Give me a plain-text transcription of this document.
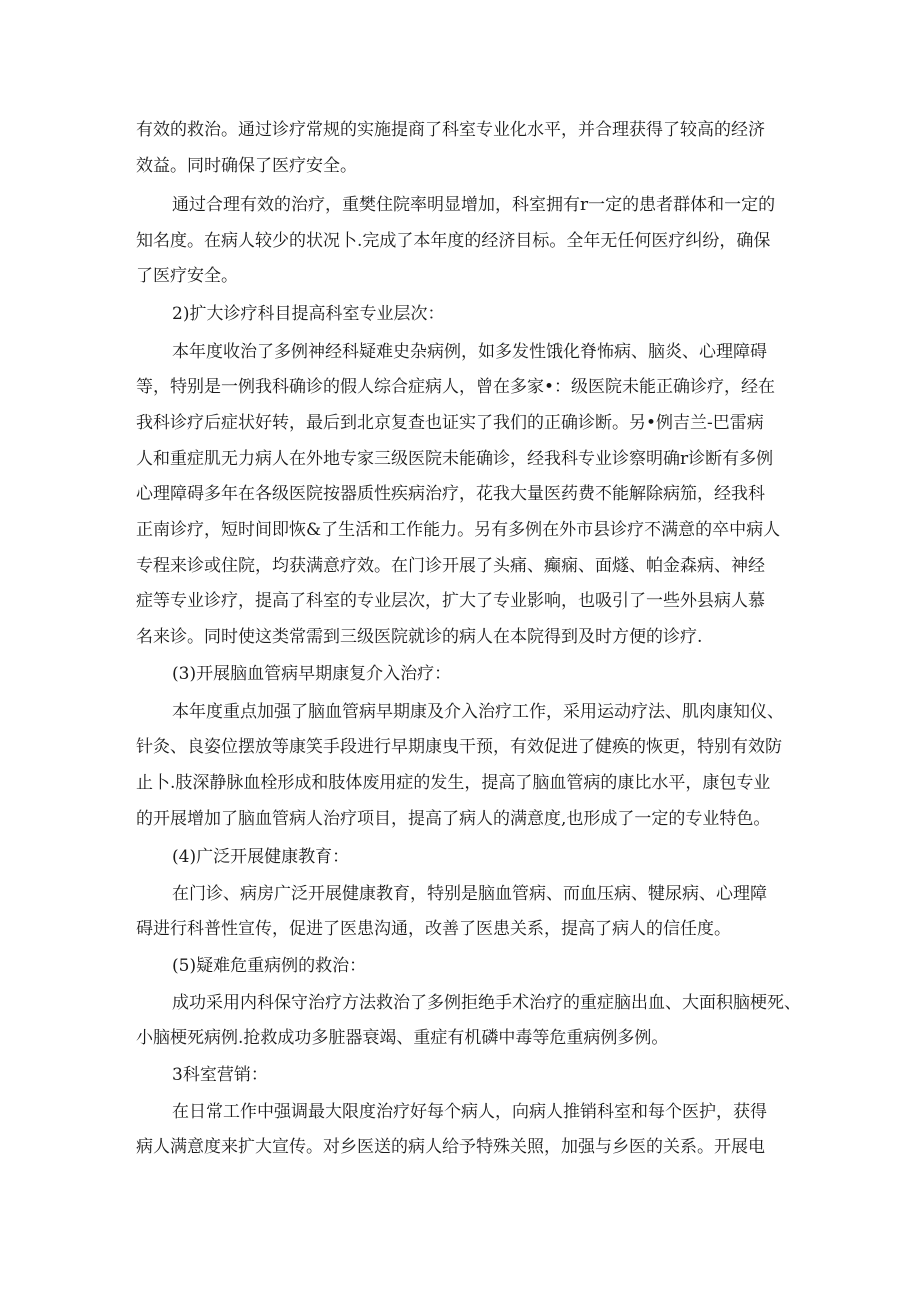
有效的救治。通过诊疗常规的实施提商了科室专业化水平，并合理获得了较高的经济
效益。同时确保了医疗安全。
通过合理有效的治疗，重樊住院率明显增加，科室拥有r一定的患者群体和一定的
知名度。在病人较少的状况卜.完成了本年度的经济目标。全年无任何医疗纠纷，确保
了医疗安全。
2)扩大诊疗科目提高科室专业层次：
本年度收治了多例神经科疑难史杂病例，如多发性饿化脊怖病、脑炎、心理障碍
等，特别是一例我科确诊的假人综合症病人，曾在多家•：级医院未能正确诊疗，经在
我科诊疗后症状好转，最后到北京复查也证实了我们的正确诊断。另•例吉兰-巴雷病
人和重症肌无力病人在外地专家三级医院未能确诊，经我科专业诊察明确r诊断有多例
心理障碍多年在各级医院按器质性疾病治疗，花我大量医药费不能解除病笳，经我科
正南诊疗，短时间即恢&了生活和工作能力。另有多例在外市县诊疗不满意的卒中病人
专程来诊或住院，均获满意疗效。在门诊开展了头痛、癫痫、面燧、帕金森病、神经
症等专业诊疗，提高了科室的专业层次，扩大了专业影响，也吸引了一些外县病人慕
名来诊。同时使这类常需到三级医院就诊的病人在本院得到及时方便的诊疗.
(3)开展脑血管病早期康复介入治疗：
本年度重点加强了脑血管病早期康及介入治疗工作，采用运动疗法、肌肉康知仪、
针灸、良姿位摆放等康笑手段进行早期康曳干预，有效促进了健痪的恢更，特别有效防
止卜.肢深静脉血栓形成和肢体废用症的发生，提高了脑血管病的康比水平，康包专业
的开展增加了脑血管病人治疗项目，提高了病人的满意度,也形成了一定的专业特色。
(4)广泛开展健康教育：
在门诊、病房广泛开展健康教育，特别是脑血管病、而血压病、犍尿病、心理障
碍进行科普性宣传，促进了医患沟通，改善了医患关系，提高了病人的信任度。
(5)疑难危重病例的救治：
成功采用内科保守治疗方法救治了多例拒绝手术治疗的重症脑出血、大面积脑梗死、
小脑梗死病例.抢救成功多脏器衰竭、重症有机磷中毒等危重病例多例。
3科室营销：
在日常工作中强调最大限度治疗好每个病人，向病人推销科室和每个医护，获得
病人满意度来扩大宣传。对乡医送的病人给予特殊关照，加强与乡医的关系。开展电
